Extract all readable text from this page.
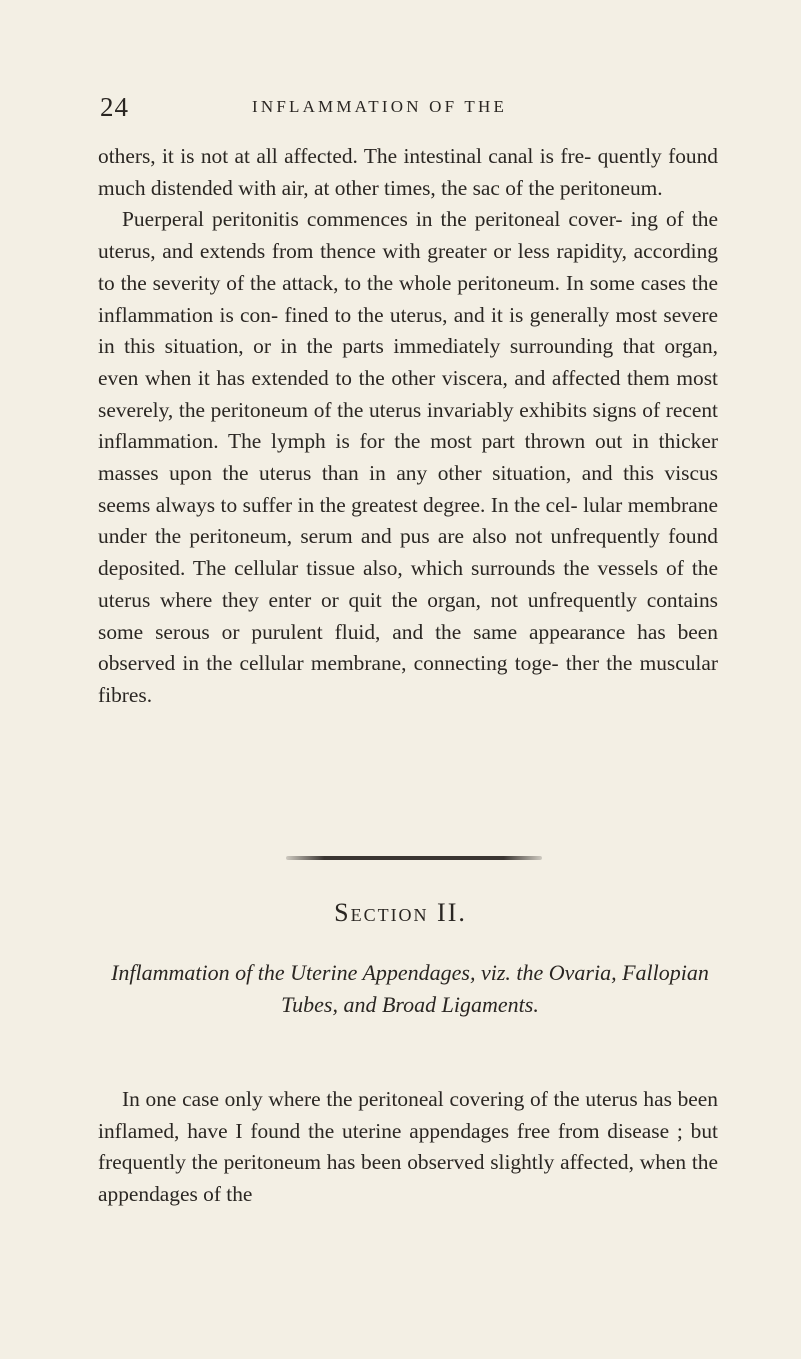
24	INFLAMMATION OF THE

others, it is not at all affected. The intestinal canal is fre- quently found much distended with air, at other times, the sac of the peritoneum.

Puerperal peritonitis commences in the peritoneal cover- ing of the uterus, and extends from thence with greater or less rapidity, according to the severity of the attack, to the whole peritoneum. In some cases the inflammation is con- fined to the uterus, and it is generally most severe in this situation, or in the parts immediately surrounding that organ, even when it has extended to the other viscera, and affected them most severely, the peritoneum of the uterus invariably exhibits signs of recent inflammation. The lymph is for the most part thrown out in thicker masses upon the uterus than in any other situation, and this viscus seems always to suffer in the greatest degree. In the cel- lular membrane under the peritoneum, serum and pus are also not unfrequently found deposited. The cellular tissue also, which surrounds the vessels of the uterus where they enter or quit the organ, not unfrequently contains some serous or purulent fluid, and the same appearance has been observed in the cellular membrane, connecting toge- ther the muscular fibres.

Section II.
Inflammation of the Uterine Appendages, viz. the Ovaria, Fallopian Tubes, and Broad Ligaments.

In one case only where the peritoneal covering of the uterus has been inflamed, have I found the uterine appendages free from disease ; but frequently the peritoneum has been observed slightly affected, when the appendages of the
